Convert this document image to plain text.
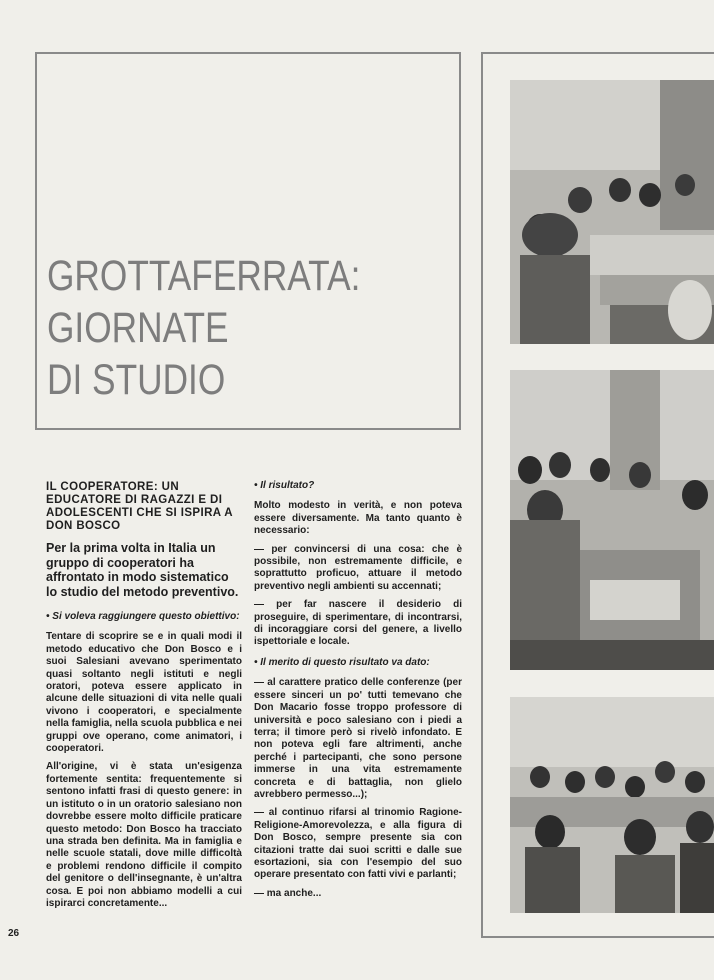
GROTTAFERRATA:
GIORNATE
DI STUDIO

IL COOPERATORE: UN EDUCATORE DI RAGAZZI E DI ADOLESCENTI CHE SI ISPIRA A DON BOSCO

Per la prima volta in Italia un gruppo di cooperatori ha affrontato in modo sistematico lo studio del metodo preventivo.

• Si voleva raggiungere questo obiettivo:

Tentare di scoprire se e in quali modi il metodo educativo che Don Bosco e i suoi Salesiani avevano sperimentato quasi soltanto negli istituti e negli oratori, poteva essere applicato in alcune delle situazioni di vita nelle quali vivono i cooperatori, e specialmente nella famiglia, nella scuola pubblica e nei gruppi ove operano, come animatori, i cooperatori.

All'origine, vi è stata un'esigenza fortemente sentita: frequentemente si sentono infatti frasi di questo genere: in un istituto o in un oratorio salesiano non dovrebbe essere molto difficile praticare questo metodo: Don Bosco ha tracciato una strada ben definita. Ma in famiglia e nelle scuole statali, dove mille difficoltà e problemi rendono difficile il compito del genitore o dell'insegnante, è un'altra cosa. E poi non abbiamo modelli a cui ispirarci concretamente...

• Il risultato?

Molto modesto in verità, e non poteva essere diversamente. Ma tanto quanto è necessario:

— per convincersi di una cosa: che è possibile, non estremamente difficile, e soprattutto proficuo, attuare il metodo preventivo negli ambienti su accennati;

— per far nascere il desiderio di proseguire, di sperimentare, di incontrarsi, di incoraggiare corsi del genere, a livello ispettoriale e locale.

• Il merito di questo risultato va dato:

— al carattere pratico delle conferenze (per essere sinceri un po' tutti temevano che Don Macario fosse troppo professore di università e poco salesiano con i piedi a terra; il timore però si rivelò infondato. E non poteva egli fare altrimenti, anche perché i partecipanti, che sono persone immerse in una vita estremamente concreta e di battaglia, non glielo avrebbero permesso...);

— al continuo rifarsi al trinomio Ragione-Religione-Amorevolezza, e alla figura di Don Bosco, sempre presente sia con citazioni tratte dai suoi scritti e dalle sue esortazioni, sia con l'esempio del suo operare presentato con fatti vivi e parlanti;

— ma anche...

26
